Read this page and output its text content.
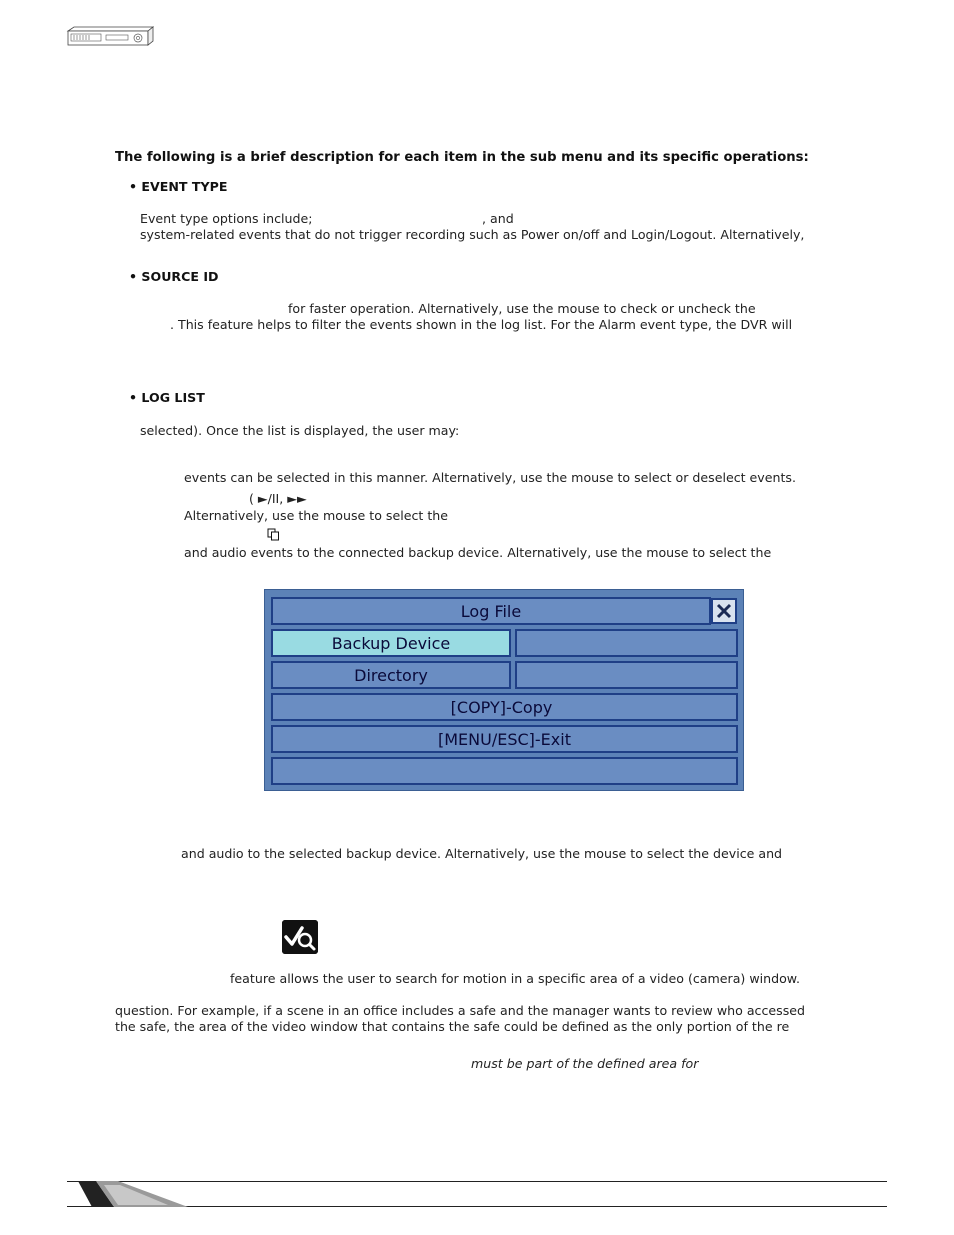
The following is a brief description for each item in the sub menu and its specific operations:
• EVENT TYPE
Event type options include;	, and
system-related events that do not trigger recording such as Power on/off and Login/Logout. Alternatively,
• SOURCE ID
for faster operation. Alternatively, use the mouse to check or uncheck the
. This feature helps to filter the events shown in the log list. For the Alarm event type, the DVR will
• LOG LIST
selected). Once the list is displayed, the user may:
events can be selected in this manner. Alternatively, use the mouse to select or deselect events.
( ►/II, ►►
Alternatively, use the mouse to select the
and audio events to the connected backup device. Alternatively, use the mouse to select the
Log File
Backup Device
Directory
[COPY]-Copy
[MENU/ESC]-Exit
and audio to the selected backup device. Alternatively, use the mouse to select the device and
feature allows the user to search for motion in a specific area of a video (camera) window.
question. For example, if a scene in an office includes a safe and the manager wants to review who accessed
the safe, the area of the video window that contains the safe could be defined as the only portion of the re
must be part of the defined area for
